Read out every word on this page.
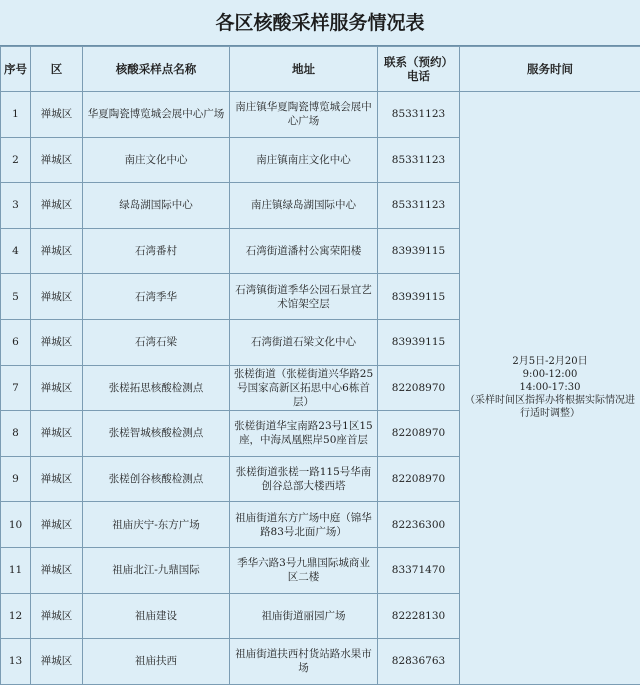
各区核酸采样服务情况表
序号	区	核酸采样点名称	地址	联系（预约）电话	服务时间
1	禅城区	华夏陶瓷博览城会展中心广场	南庄镇华夏陶瓷博览城会展中心广场	85331123	2月5日-2月20日
9:00-12:00
14:00-17:30
（采样时间区指挥办将根据实际情况进行适时调整）

2	禅城区	南庄文化中心	南庄镇南庄文化中心	85331123	
3	禅城区	绿岛湖国际中心	南庄镇绿岛湖国际中心	85331123	
4	禅城区	石湾番村	石湾街道潘村公寓荣阳楼	83939115	
5	禅城区	石湾季华	石湾镇街道季华公园石景宜艺术馆架空层	83939115	
6	禅城区	石湾石梁	石湾街道石梁文化中心	83939115	
7	禅城区	张槎拓思核酸检测点	张槎街道（张槎街道兴华路25号国家高新区拓思中心6栋首层）	82208970	
8	禅城区	张槎智城核酸检测点	张槎街道华宝南路23号1区15座，中海凤凰熙岸50座首层	82208970	
9	禅城区	张槎创谷核酸检测点	张槎街道张槎一路115号华南创谷总部大楼西塔	82208970	
10	禅城区	祖庙庆宁-东方广场	祖庙街道东方广场中庭（锦华路83号北面广场）	82236300	
11	禅城区	祖庙北江-九鼎国际	季华六路3号九鼎国际城商业区二楼	83371470	
12	禅城区	祖庙建设	祖庙街道丽园广场	82228130	
13	禅城区	祖庙扶西	祖庙街道扶西村货站路水果市场	82836763	
